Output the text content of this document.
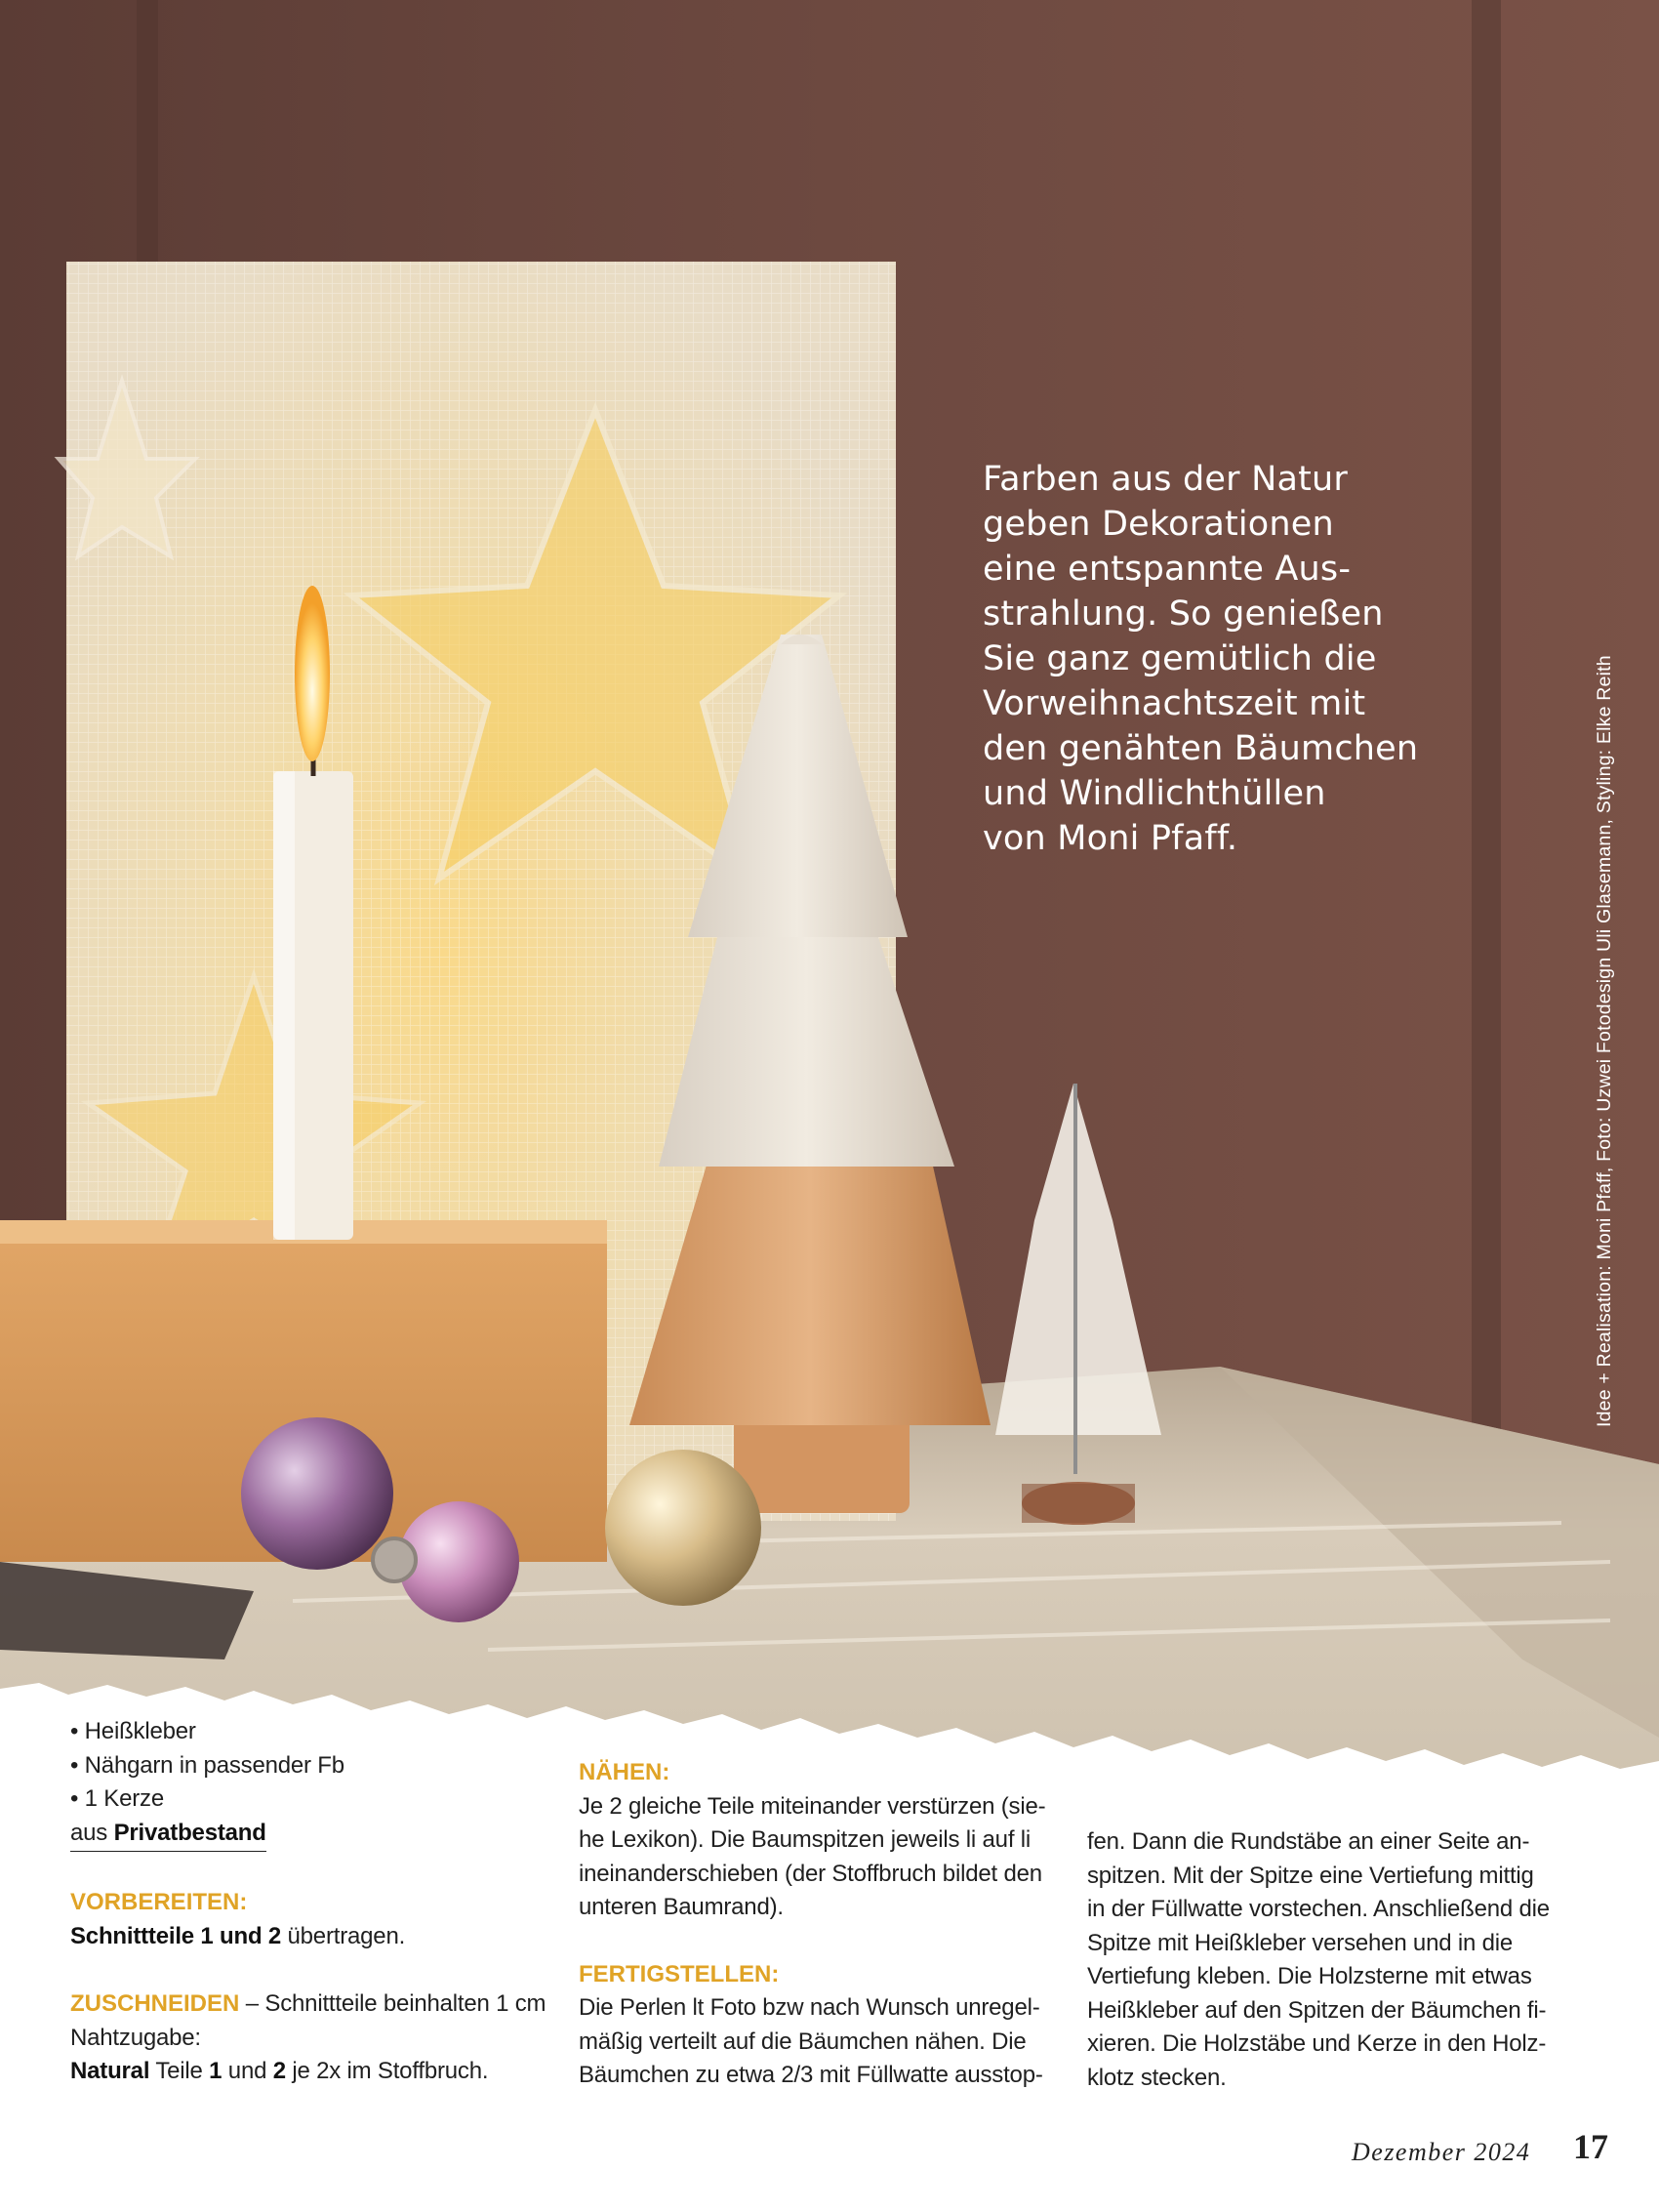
Farben aus der Natur
geben Dekorationen
eine entspannte Aus-
strahlung. So genießen
Sie ganz gemütlich die
Vorweihnachtszeit mit
den genähten Bäumchen
und Windlichthüllen
von Moni Pfaff.	Idee + Realisation: Moni Pfaff, Foto: Uzwei Fotodesign Uli Glasemann, Styling: Elke Reith
• Heißkleber
• Nähgarn in passender Fb
• 1 Kerze
aus Privatbestand

VORBEREITEN:

Schnittteile 1 und 2 übertragen.
ZUSCHNEIDEN – Schnittteile beinhalten 1 cm
Nahtzugabe:
Natural Teile 1 und 2 je 2x im Stoffbruch.

NÄHEN:

Je 2 gleiche Teile miteinander verstürzen (sie-
he Lexikon). Die Baumspitzen jeweils li auf li
ineinanderschieben (der Stoffbruch bildet den
unteren Baumrand).

FERTIGSTELLEN:

Die Perlen lt Foto bzw nach Wunsch unregel-
mäßig verteilt auf die Bäumchen nähen. Die
Bäumchen zu etwa 2/3 mit Füllwatte ausstop-
fen. Dann die Rundstäbe an einer Seite an-
spitzen. Mit der Spitze eine Vertiefung mittig
in der Füllwatte vorstechen. Anschließend die
Spitze mit Heißkleber versehen und in die
Vertiefung kleben. Die Holzsterne mit etwas
Heißkleber auf den Spitzen der Bäumchen fi-
xieren. Die Holzstäbe und Kerze in den Holz-
klotz stecken.
Dezember 2024 17
